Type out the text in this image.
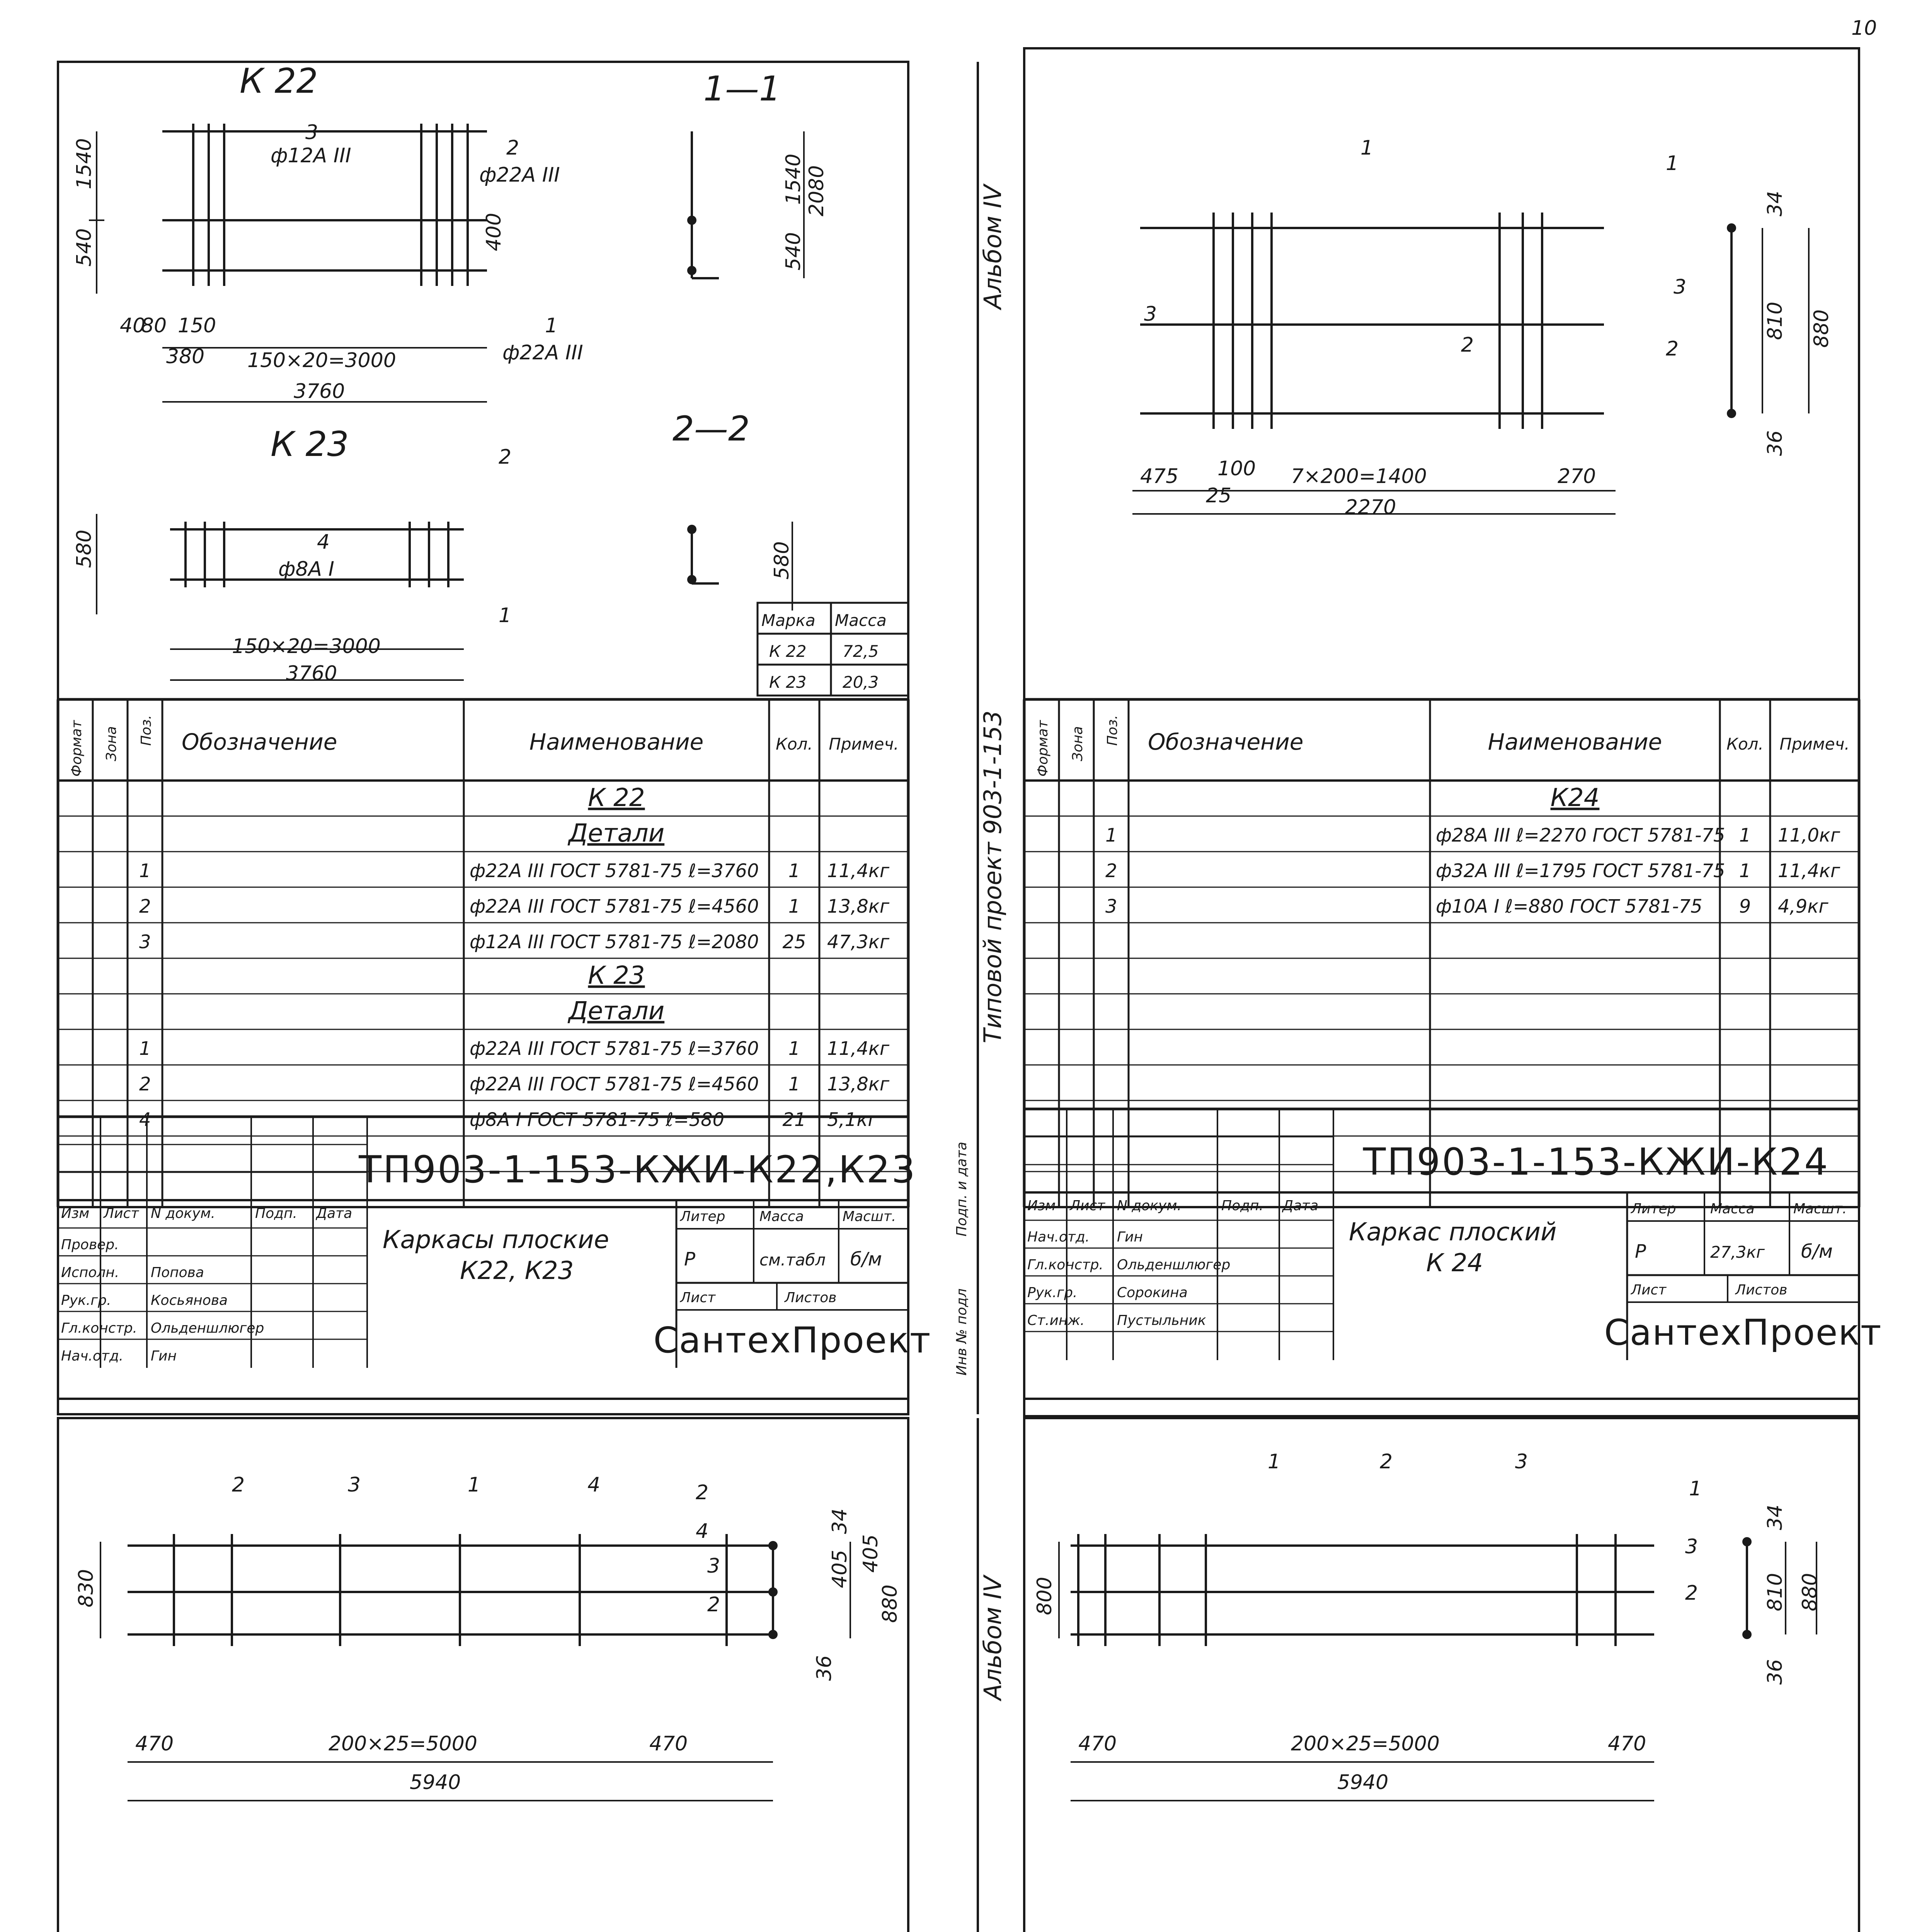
Формат Зона Поз. Обозначение	Наименование	Кол. Примеч.
К 22
Детали
1	ф22А III ГОСТ 5781-75 ℓ=3760 1 11,4кг
2	ф22А III ГОСТ 5781-75 ℓ=4560 1 13,8кг
3	ф12А III ГОСТ 5781-75 ℓ=2080 25 47,3кг
К 23
Детали
1	ф22А III ГОСТ 5781-75 ℓ=3760 1 11,4кг
2	ф22А III ГОСТ 5781-75 ℓ=4560 1 13,8кг
4	ф8А I ГОСТ 5781-75 ℓ=580	21 5,1кг
Формат Зона Поз. Обозначение	Наименование	Кол. Примеч.
К24
1	ф28А III ℓ=2270 ГОСТ 5781-75 1 11,0кг
2	ф32А III ℓ=1795 ГОСТ 5781-75 1 11,4кг
3	ф10А I ℓ=880 ГОСТ 5781-75 9 4,9кг
ТП903-1-153-КЖИ-К22,К23
Изм Лист N докум.	Подп. Дата
Провер.
Исполн. Попова
Рук.гр.	Косьянова
Гл.констр. Ольденшлюгер
Нач.отд. Гин
Каркасы плоские
К22, К23
Литер Масса	Масшт.
Р	см.табл б/м
Лист	Листов
СантехПроект
ТП903-1-153-КЖИ-К24
Изм Лист N докум.	Подп. Дата
Нач.отд. Гин
Гл.констр. Ольденшлюгер
Рук.гр.	Сорокина
Ст.инж. Пустыльник
Каркас плоский
К 24
Литер Масса	Масшт.
Р	27,3кг б/м
Лист	Листов
СантехПроект
10
Альбом IV
Типовой проект 903-1-153
Альбом IV
Подп. и дата
Инв № подл
К 22
К 23
1—1
2—2
3
ф12А III	2
ф22А III
1
ф22А III
1540
540
40
80 150
380 150×20=3000
3760
400
1540 2080
540
4
ф8А I
580
150×20=3000
3760
580
2
1	Марка Масса
К 22 72,5
К 23 20,3
1
3
2
475 100
25
7×200=1400	270
2270
1
3
2
34
810 880
36
2	3	1	4	2
4
3
2
830
470	200×25=5000	470
5940
34
405 405
880
36
1	2	3
1
3
2
800
470	200×25=5000	470
5940
34
810 880
36
